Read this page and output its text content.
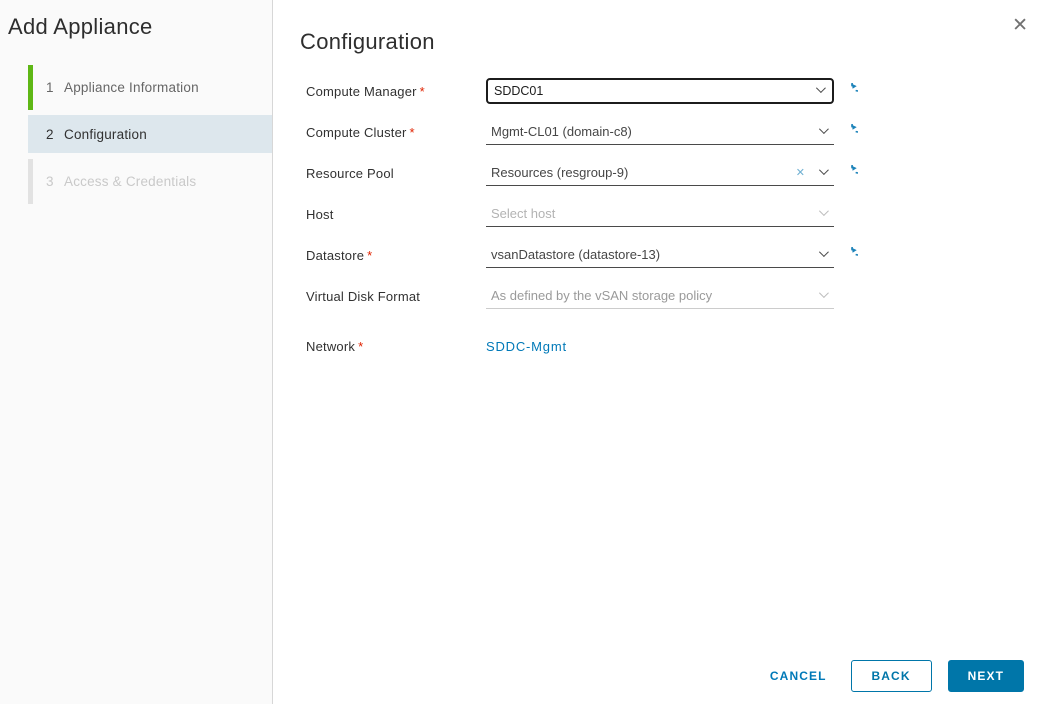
Add Appliance
1 Appliance Information
2 Configuration
3 Access & Credentials
Configuration
✕
Compute Manager *	SDDC01
Compute Cluster *	Mgmt-CL01 (domain-c8)
Resource Pool	Resources (resgroup-9)	✕
Host	Select host
Datastore *	vsanDatastore (datastore-13)
Virtual Disk Format	As defined by the vSAN storage policy
Network *	SDDC-Mgmt
CANCEL	BACK	NEXT
